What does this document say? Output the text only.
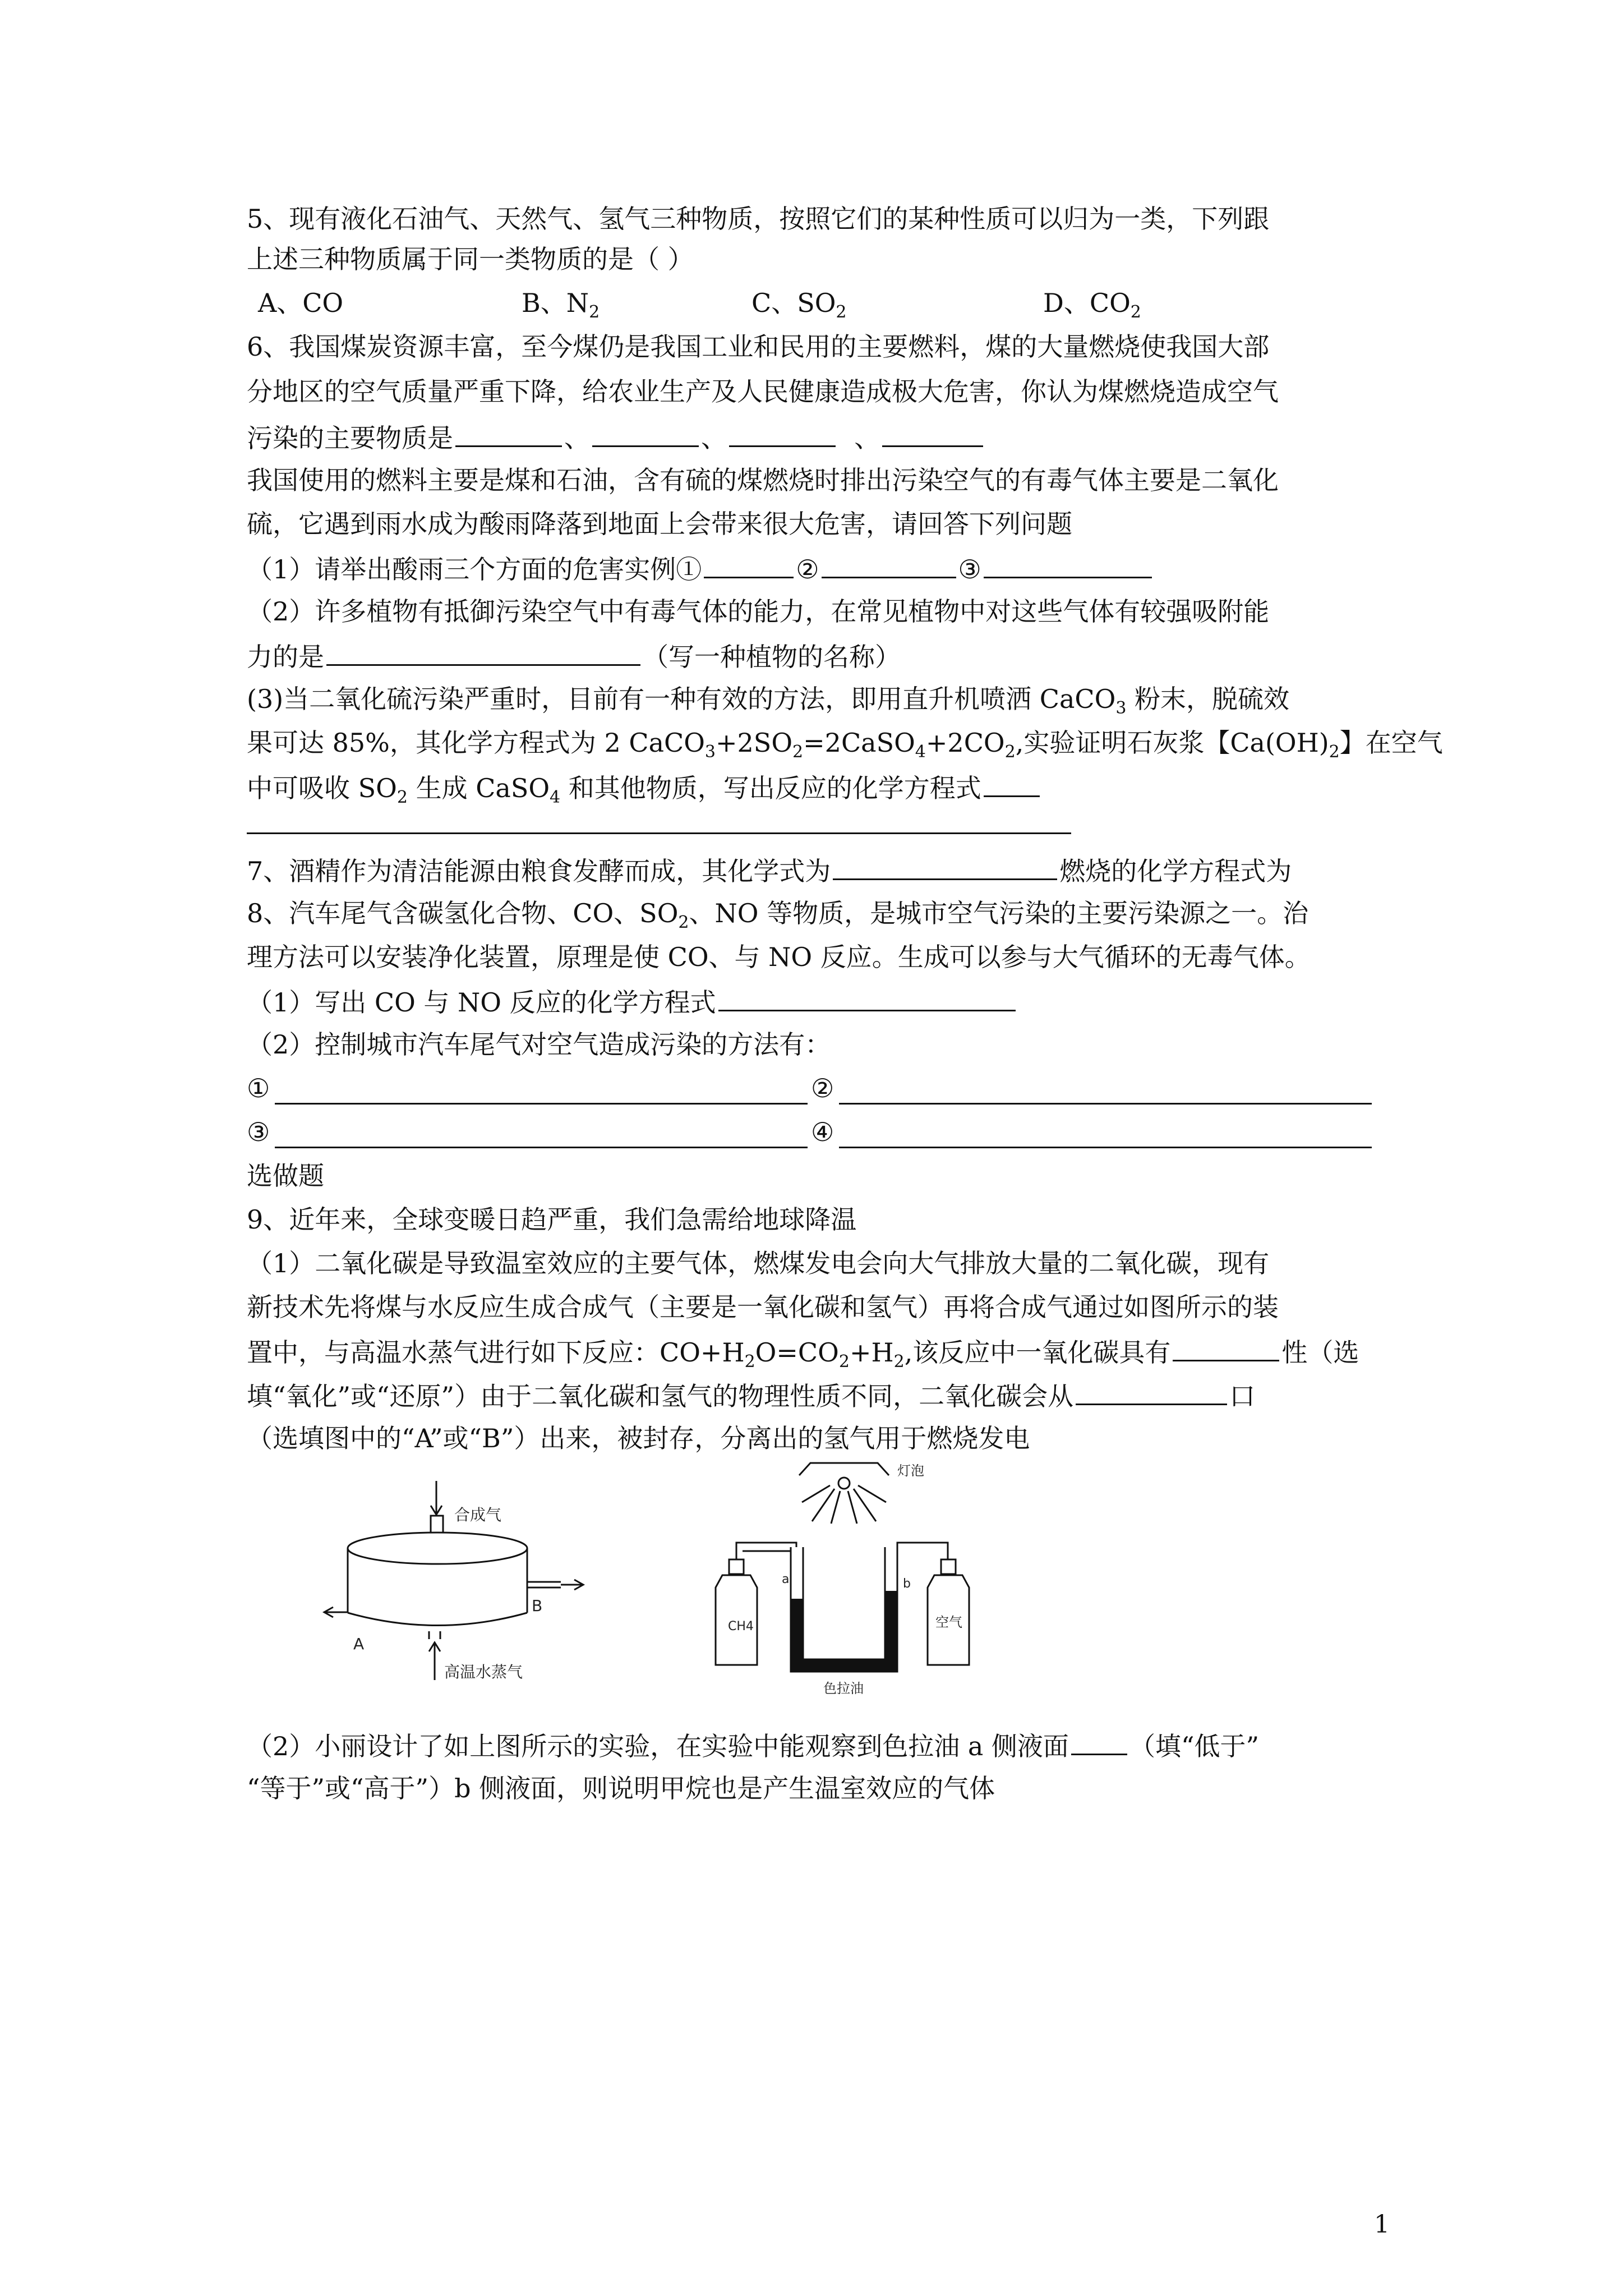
5、现有液化石油气、天然气、氢气三种物质，按照它们的某种性质可以归为一类，下列跟
上述三种物质属于同一类物质的是（ ）
A、CO	B、$N_2$	C、$SO_2$	D、$CO_2$
6、我国煤炭资源丰富，至今煤仍是我国工业和民用的主要燃料，煤的大量燃烧使我国大部
分地区的空气质量严重下降，给农业生产及人民健康造成极大危害，你认为煤燃烧造成空气
污染的主要物质是	、	、	、
我国使用的燃料主要是煤和石油，含有硫的煤燃烧时排出污染空气的有毒气体主要是二氧化
硫，它遇到雨水成为酸雨降落到地面上会带来很大危害，请回答下列问题
（1）请举出酸雨三个方面的危害实例①	②	③
（2）许多植物有抵御污染空气中有毒气体的能力，在常见植物中对这些气体有较强吸附能
力的是	（写一种植物的名称）
(3)当二氧化硫污染严重时，目前有一种有效的方法，即用直升机喷洒 CaCO$_3$ 粉末，脱硫效
果可达 85%，其化学方程式为 2 $CaCO_3+2SO_2=2CaSO_4+2CO_2$,实验证明石灰浆【$Ca(OH)_2$】在空气
中可吸收 $SO_2$ 生成 CaSO$_4$ 和其他物质，写出反应的化学方程式
7、酒精作为清洁能源由粮食发酵而成，其化学式为	燃烧的化学方程式为
8、汽车尾气含碳氢化合物、CO、$SO_2$、NO 等物质，是城市空气污染的主要污染源之一。治
理方法可以安装净化装置，原理是使 CO、与 NO 反应。生成可以参与大气循环的无毒气体。
（1）写出 CO 与 NO 反应的化学方程式
（2）控制城市汽车尾气对空气造成污染的方法有：
①	②
③	④
选做题
9、近年来，全球变暖日趋严重，我们急需给地球降温
（1）二氧化碳是导致温室效应的主要气体，燃煤发电会向大气排放大量的二氧化碳，现有
新技术先将煤与水反应生成合成气（主要是一氧化碳和氢气）再将合成气通过如图所示的装
置中，与高温水蒸气进行如下反应：$CO+H_2O=CO_2+H_2$,该反应中一氧化碳具有	性（选
填“氧化”或“还原”）由于二氧化碳和氢气的物理性质不同，二氧化碳会从	口
（选填图中的“A”或“B”）出来，被封存，分离出的氢气用于燃烧发电
合成气
B
A
高温水蒸气
灯泡
CH4	空气
a	b
色拉油
（2）小丽设计了如上图所示的实验，在实验中能观察到色拉油 a 侧液面 （填“低于”
“等于”或“高于”）b 侧液面，则说明甲烷也是产生温室效应的气体
1
